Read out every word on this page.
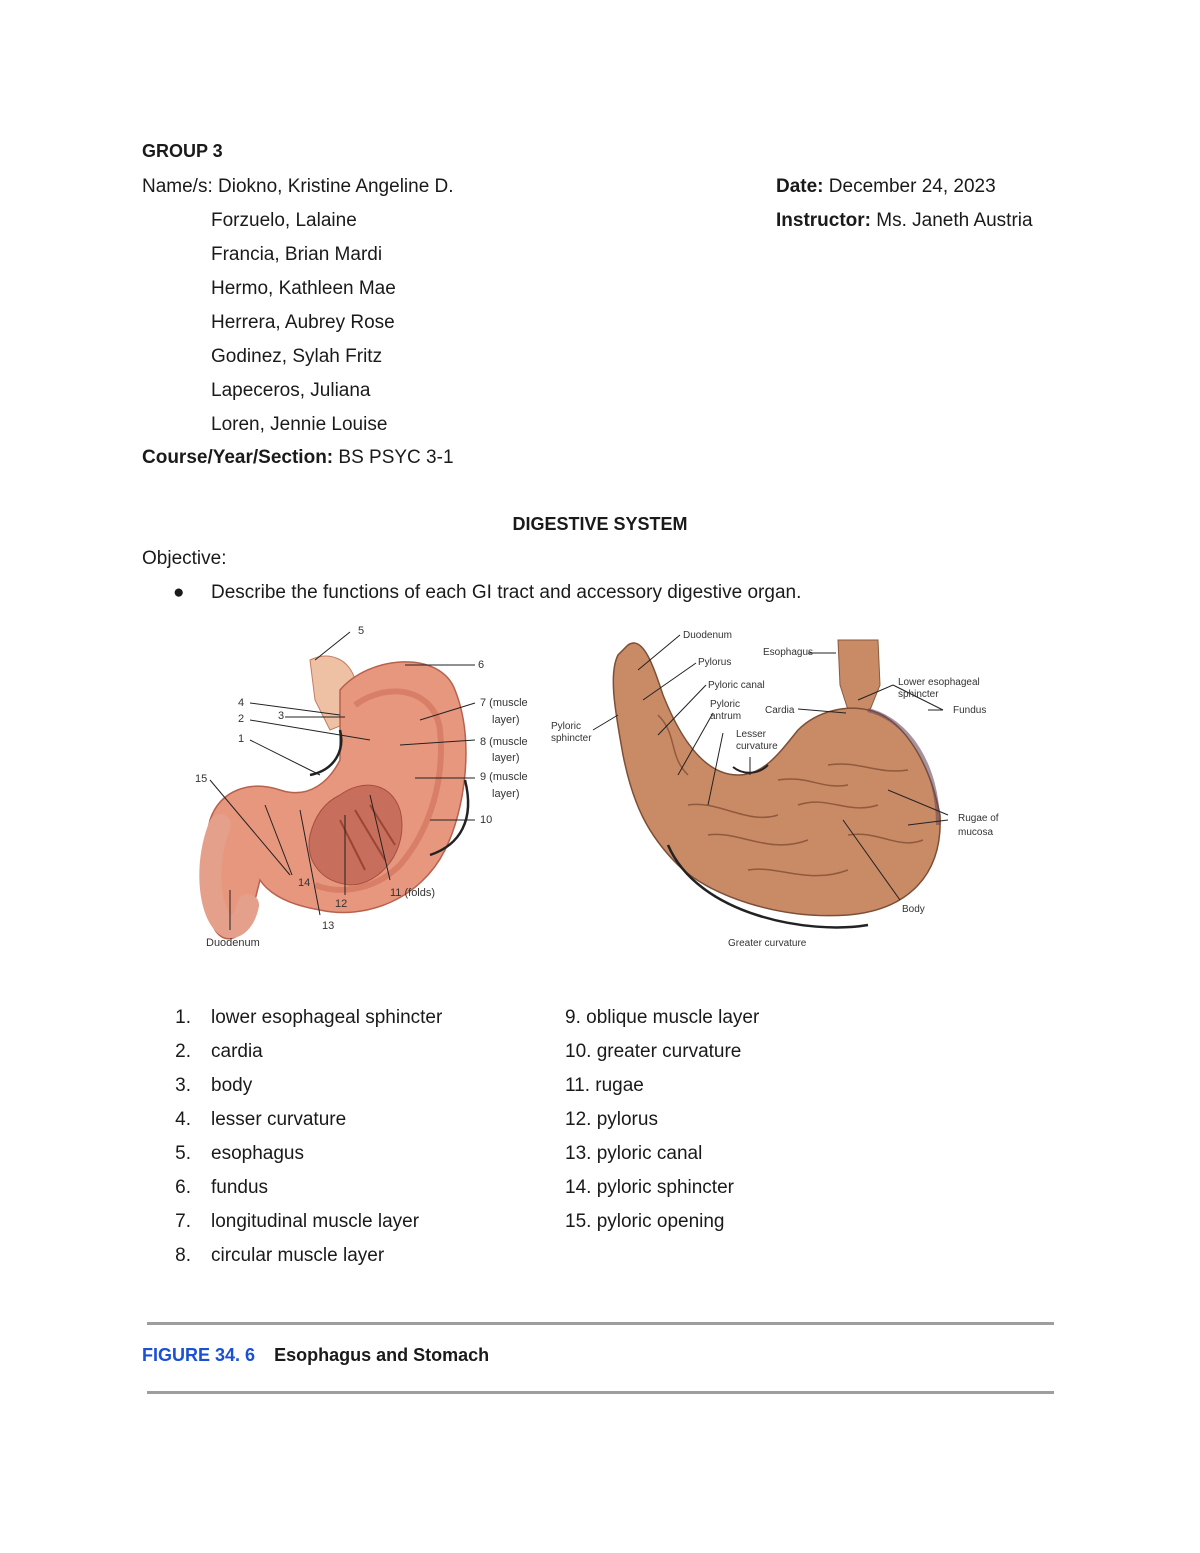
GROUP 3
Name/s: Diokno, Kristine Angeline D.
Forzuelo, Lalaine
Francia, Brian Mardi
Hermo, Kathleen Mae
Herrera, Aubrey Rose
Godinez, Sylah Fritz
Lapeceros, Juliana
Loren, Jennie Louise
Date: December 24, 2023
Instructor: Ms. Janeth Austria
Course/Year/Section: BS PSYC 3-1
DIGESTIVE SYSTEM
Objective:
● Describe the functions of each GI tract and accessory digestive organ.
5
6
4
3
2
1
7 (muscle
layer)
8 (muscle
layer)
9 (muscle
layer)
10
15
14
12
13
11 (folds)
Duodenum
Duodenum
Esophagus
Pylorus
Pyloric canal
Pyloric
antrum
Cardia
Lower esophageal
sphincter
Fundus
Pyloric
sphincter	Lesser
curvature
Rugae of
mucosa
Body
Greater curvature
1. lower esophageal sphincter
2. cardia
3. body
4. lesser curvature
5. esophagus
6. fundus
7. longitudinal muscle layer
8. circular muscle layer
9. oblique muscle layer
10. greater curvature
11. rugae
12. pylorus
13. pyloric canal
14. pyloric sphincter
15. pyloric opening
FIGURE 34. 6 Esophagus and Stomach
